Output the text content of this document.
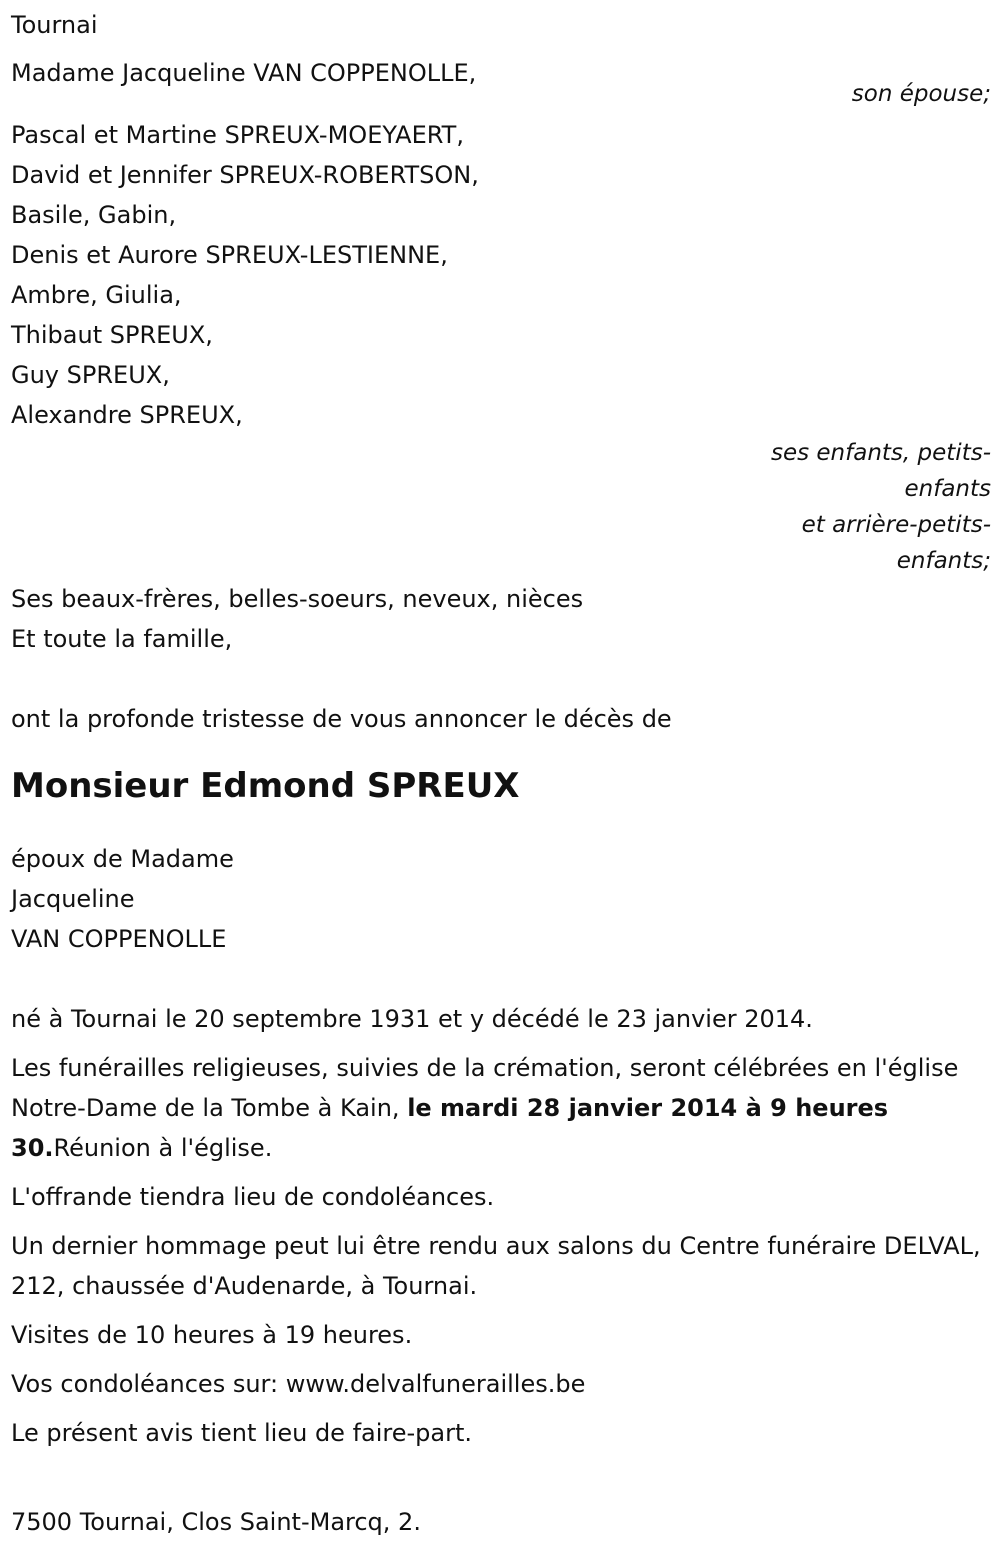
Tournai
Madame Jacqueline VAN COPPENOLLE,
son épouse;
Pascal et Martine SPREUX-MOEYAERT,
David et Jennifer SPREUX-ROBERTSON,
Basile, Gabin,
Denis et Aurore SPREUX-LESTIENNE,
Ambre, Giulia,
Thibaut SPREUX,
Guy SPREUX,
Alexandre SPREUX,
ses enfants, petits-enfants
et arrière-petits-enfants;
Ses beaux-frères, belles-soeurs, neveux, nièces
Et toute la famille,
ont la profonde tristesse de vous annoncer le décès de
Monsieur Edmond SPREUX
époux de Madame
Jacqueline
VAN COPPENOLLE
né à Tournai le 20 septembre 1931 et y décédé le 23 janvier 2014.
Les funérailles religieuses, suivies de la crémation, seront célébrées en l'église Notre-Dame de la Tombe à Kain, le mardi 28 janvier 2014 à 9 heures 30.Réunion à l'église.
L'offrande tiendra lieu de condoléances.
Un dernier hommage peut lui être rendu aux salons du Centre funéraire DELVAL, 212, chaussée d'Audenarde, à Tournai.
Visites de 10 heures à 19 heures.
Vos condoléances sur: www.delvalfunerailles.be
Le présent avis tient lieu de faire-part.
7500 Tournai, Clos Saint-Marcq, 2.
